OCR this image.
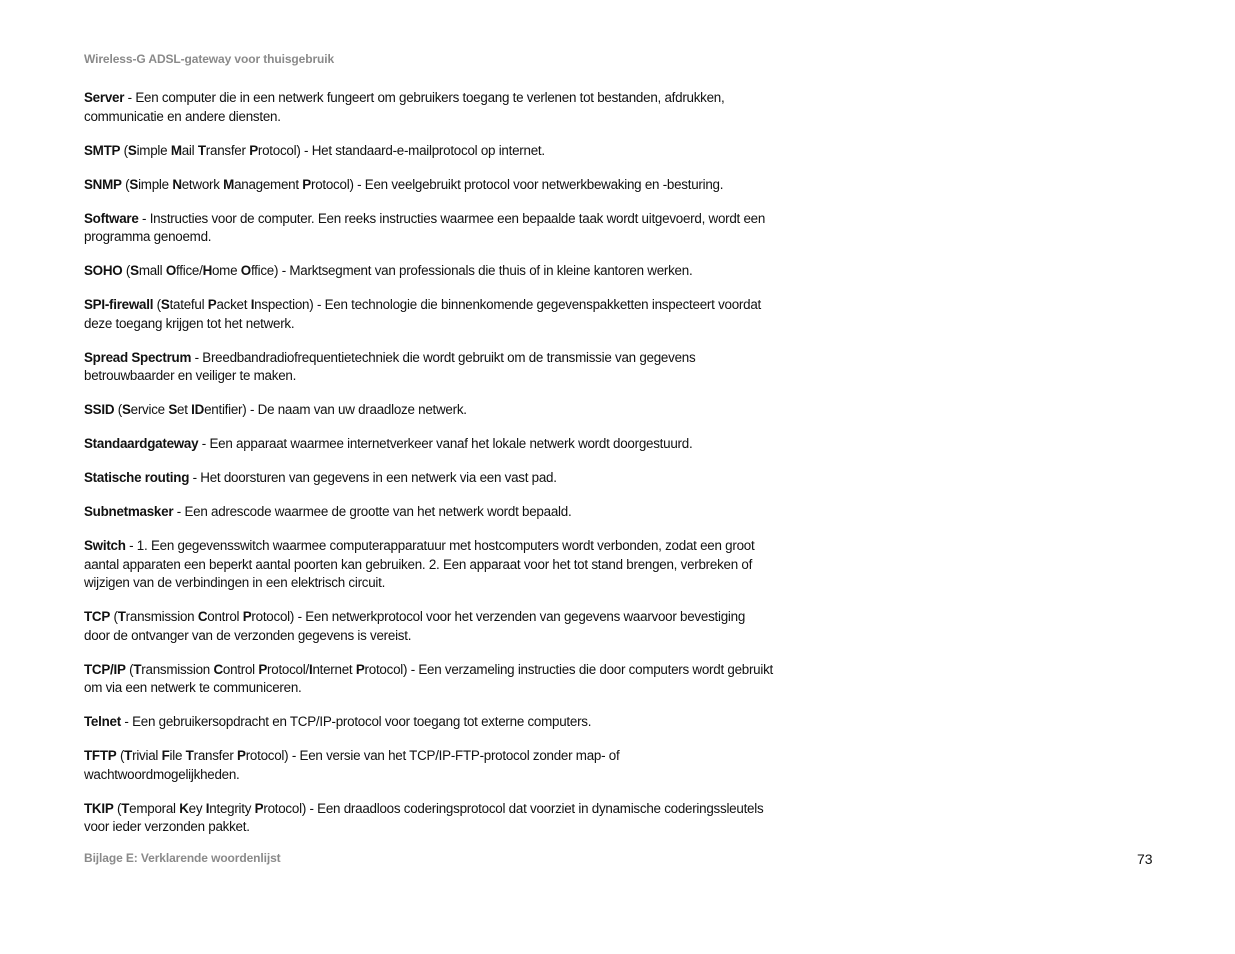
Wireless-G ADSL-gateway voor thuisgebruik

Server - Een computer die in een netwerk fungeert om gebruikers toegang te verlenen tot bestanden, afdrukken, communicatie en andere diensten.

SMTP (Simple Mail Transfer Protocol) - Het standaard-e-mailprotocol op internet.

SNMP (Simple Network Management Protocol) - Een veelgebruikt protocol voor netwerkbewaking en -besturing.

Software - Instructies voor de computer. Een reeks instructies waarmee een bepaalde taak wordt uitgevoerd, wordt een programma genoemd.

SOHO (Small Office/Home Office) - Marktsegment van professionals die thuis of in kleine kantoren werken.

SPI-firewall (Stateful Packet Inspection) - Een technologie die binnenkomende gegevenspakketten inspecteert voordat deze toegang krijgen tot het netwerk.

Spread Spectrum - Breedbandradiofrequentietechniek die wordt gebruikt om de transmissie van gegevens betrouwbaarder en veiliger te maken.

SSID (Service Set IDentifier) - De naam van uw draadloze netwerk.

Standaardgateway - Een apparaat waarmee internetverkeer vanaf het lokale netwerk wordt doorgestuurd.

Statische routing - Het doorsturen van gegevens in een netwerk via een vast pad.

Subnetmasker - Een adrescode waarmee de grootte van het netwerk wordt bepaald.

Switch - 1. Een gegevensswitch waarmee computerapparatuur met hostcomputers wordt verbonden, zodat een groot aantal apparaten een beperkt aantal poorten kan gebruiken. 2. Een apparaat voor het tot stand brengen, verbreken of wijzigen van de verbindingen in een elektrisch circuit.

TCP (Transmission Control Protocol) - Een netwerkprotocol voor het verzenden van gegevens waarvoor bevestiging door de ontvanger van de verzonden gegevens is vereist.

TCP/IP (Transmission Control Protocol/Internet Protocol) - Een verzameling instructies die door computers wordt gebruikt om via een netwerk te communiceren.

Telnet - Een gebruikersopdracht en TCP/IP-protocol voor toegang tot externe computers.

TFTP (Trivial File Transfer Protocol) - Een versie van het TCP/IP-FTP-protocol zonder map- of wachtwoordmogelijkheden.

TKIP (Temporal Key Integrity Protocol) - Een draadloos coderingsprotocol dat voorziet in dynamische coderingssleutels voor ieder verzonden pakket.

Bijlage E: Verklarende woordenlijst	73
